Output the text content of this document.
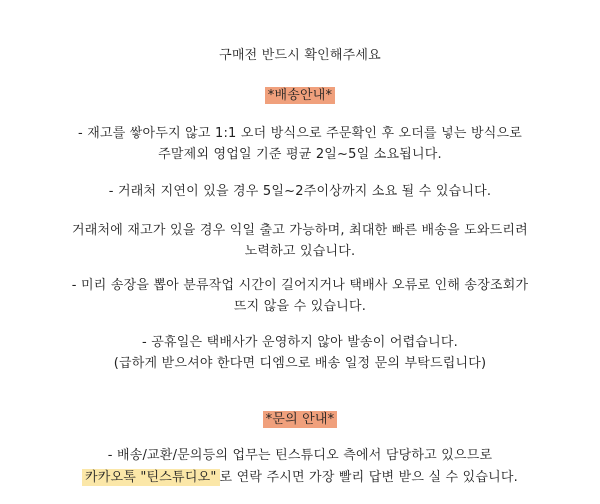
구매전 반드시 확인해주세요
*배송안내*
- 재고를 쌓아두지 않고 1:1 오더 방식으로 주문확인 후 오더를 넣는 방식으로
주말제외 영업일 기준 평균 2일~5일 소요됩니다.
- 거래처 지연이 있을 경우 5일~2주이상까지 소요 될 수 있습니다.
거래처에 재고가 있을 경우 익일 출고 가능하며, 최대한 빠른 배송을 도와드리려
노력하고 있습니다.
- 미리 송장을 뽑아 분류작업 시간이 길어지거나 택배사 오류로 인해 송장조회가
뜨지 않을 수 있습니다.
- 공휴일은 택배사가 운영하지 않아 발송이 어렵습니다.
(급하게 받으셔야 한다면 디엠으로 배송 일정 문의 부탁드립니다)
*문의 안내*
- 배송/교환/문의등의 업무는 틴스튜디오 측에서 담당하고 있으므로
카카오톡 "틴스튜디오" 로 연락 주시면 가장 빨리 답변 받으 실 수 있습니다.
